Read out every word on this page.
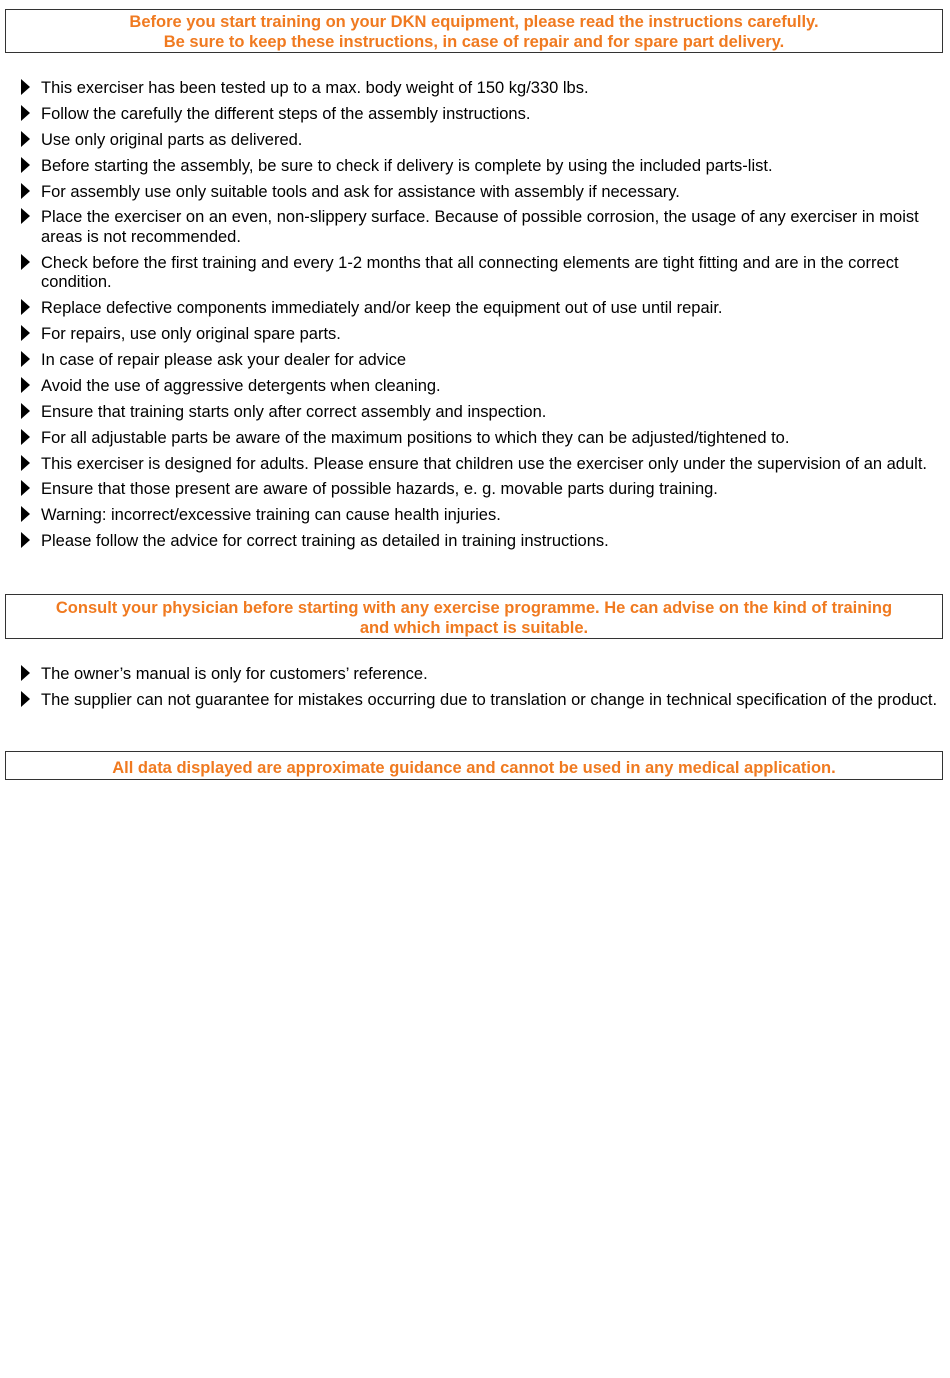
Before you start training on your DKN equipment, please read the instructions carefully.
Be sure to keep these instructions, in case of repair and for spare part delivery.
This exerciser has been tested up to a max. body weight of 150 kg/330 lbs.
Follow the carefully the different steps of the assembly instructions.
Use only original parts as delivered.
Before starting the assembly, be sure to check if delivery is complete by using the included parts-list.
For assembly use only suitable tools and ask for assistance with assembly if necessary.
Place the exerciser on an even, non-slippery surface. Because of possible corrosion, the usage of any exerciser in moist areas is not recommended.
Check before the first training and every 1-2 months that all connecting elements are tight fitting and are in the correct condition.
Replace defective components immediately and/or keep the equipment out of use until repair.
For repairs, use only original spare parts.
In case of repair please ask your dealer for advice
Avoid the use of aggressive detergents when cleaning.
Ensure that training starts only after correct assembly and inspection.
For all adjustable parts be aware of the maximum positions to which they can be adjusted/tightened to.
This exerciser is designed for adults. Please ensure that children use the exerciser only under the supervision of an adult.
Ensure that those present are aware of possible hazards, e. g. movable parts during training.
Warning: incorrect/excessive training can cause health injuries.
Please follow the advice for correct training as detailed in training instructions.
Consult your physician before starting with any exercise programme. He can advise on the kind of training
and which impact is suitable.
The owner’s manual is only for customers’ reference.
The supplier can not guarantee for mistakes occurring due to translation or change in technical specification of the product.
All data displayed are approximate guidance and cannot be used in any medical application.
